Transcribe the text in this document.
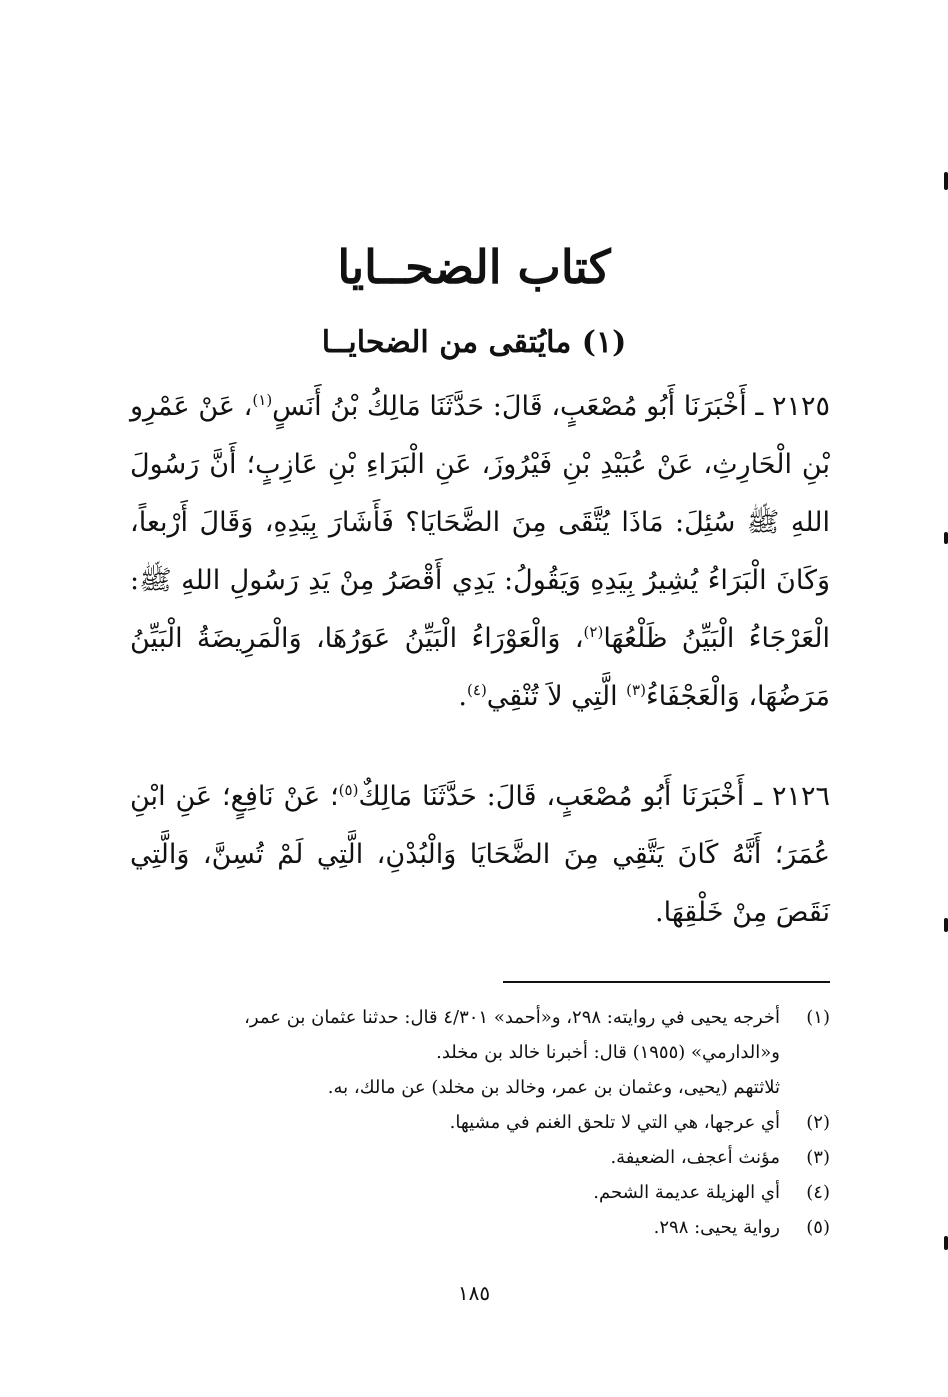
كتاب الضحــايا
(١) مايُتقى من الضحايــا

٢١٢٥ ـ أَخْبَرَنَا أَبُو مُصْعَبٍ، قَالَ: حَدَّثَنَا مَالِكُ بْنُ أَنَسٍ$^{(١)}$، عَنْ عَمْرِو بْنِ الْحَارِثِ، عَنْ عُبَيْدِ بْنِ فَيْرُوزَ، عَنِ الْبَرَاءِ بْنِ عَازِبٍ؛ أَنَّ رَسُولَ اللهِ ﷺ سُئِلَ: مَاذَا يُتَّقَى مِنَ الضَّحَايَا؟ فَأَشَارَ بِيَدِهِ، وَقَالَ أَرْبعاً، وَكَانَ الْبَرَاءُ يُشِيرُ بِيَدِهِ وَيَقُولُ: يَدِي أَقْصَرُ مِنْ يَدِ رَسُولِ اللهِ ﷺ: الْعَرْجَاءُ الْبَيِّنُ ظَلْعُهَا$^{(٢)}$، وَالْعَوْرَاءُ الْبَيِّنُ عَوَرُهَا، وَالْمَرِيضَةُ الْبَيِّنُ مَرَضُهَا، وَالْعَجْفَاءُ$^{(٣)}$ الَّتِي لاَ تُنْقِي$^{(٤)}$.

٢١٢٦ ـ أَخْبَرَنَا أَبُو مُصْعَبٍ، قَالَ: حَدَّثَنَا مَالِكٌ$^{(٥)}$؛ عَنْ نَافِعٍ؛ عَنِ ابْنِ عُمَرَ؛ أَنَّهُ كَانَ يَتَّقِي مِنَ الضَّحَايَا وَالْبُدْنِ، الَّتِي لَمْ تُسِنَّ، وَالَّتِي نَقَصَ مِنْ خَلْقِهَا.

(١)
أخرجه يحيى في روايته: ٢٩٨، و«أحمد» ٤/٣٠١ قال: حدثنا عثمان بن عمر،
و«الدارمي» (١٩٥٥) قال: أخبرنا خالد بن مخلد.
ثلاثتهم (يحيى، وعثمان بن عمر، وخالد بن مخلد) عن مالك، به.
(٢)
أي عرجها، هي التي لا تلحق الغنم في مشيها.
(٣)
مؤنث أعجف، الضعيفة.
(٤)
أي الهزيلة عديمة الشحم.
(٥)
رواية يحيى: ٢٩٨.
١٨٥
